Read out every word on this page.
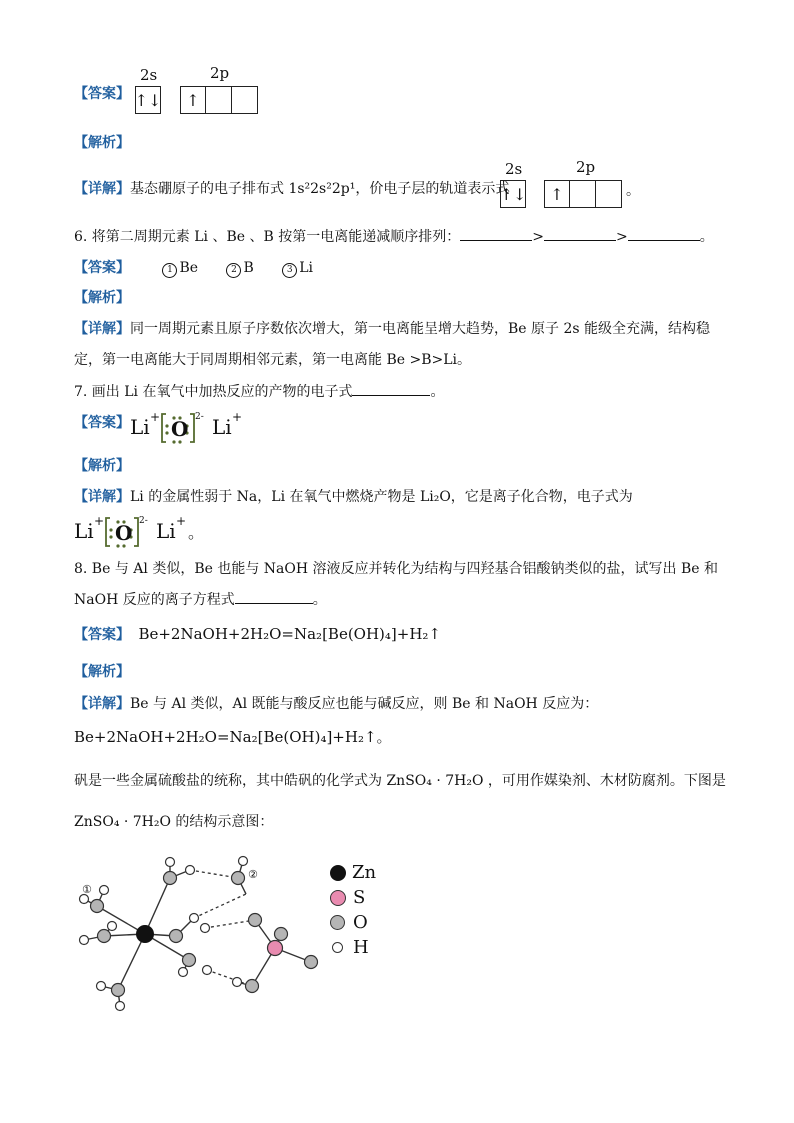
【答案】
2s	2p
↑↓	↑
【解析】
【详解】基态硼原子的电子排布式 1s²2s²2p¹，价电子层的轨道表示式
2s	2p
↑↓	↑	。
6. 将第二周期元素 Li 、Be 、B 按第一电离能递减顺序排列：	>	>	。
【答案】	1 Be	2 B	3 Li
【解析】
【详解】同一周期元素且原子序数依次增大，第一电离能呈增大趋势，Be 原子 2s 能级全充满，结构稳
定，第一电离能大于同周期相邻元素，第一电离能 Be >B>Li。
7. 画出 Li 在氧气中加热反应的产物的电子式	。
【答案】 Li + O 2- Li +
【解析】
【详解】Li 的金属性弱于 Na，Li 在氧气中燃烧产物是 Li₂O，它是离子化合物，电子式为
Li + O 2- Li +
。
8. Be 与 Al 类似，Be 也能与 NaOH 溶液反应并转化为结构与四羟基合铝酸钠类似的盐，试写出 Be 和
NaOH 反应的离子方程式	。
【答案】 Be+2NaOH+2H₂O=Na₂[Be(OH)₄]+H₂↑
【解析】
【详解】Be 与 Al 类似，Al 既能与酸反应也能与碱反应，则 Be 和 NaOH 反应为：
Be+2NaOH+2H₂O=Na₂[Be(OH)₄]+H₂↑。
矾是一些金属硫酸盐的统称，其中皓矾的化学式为 ZnSO₄ · 7H₂O ，可用作媒染剂、木材防腐剂。下图是
ZnSO₄ · 7H₂O 的结构示意图：
①
②	Zn
S
O
H
